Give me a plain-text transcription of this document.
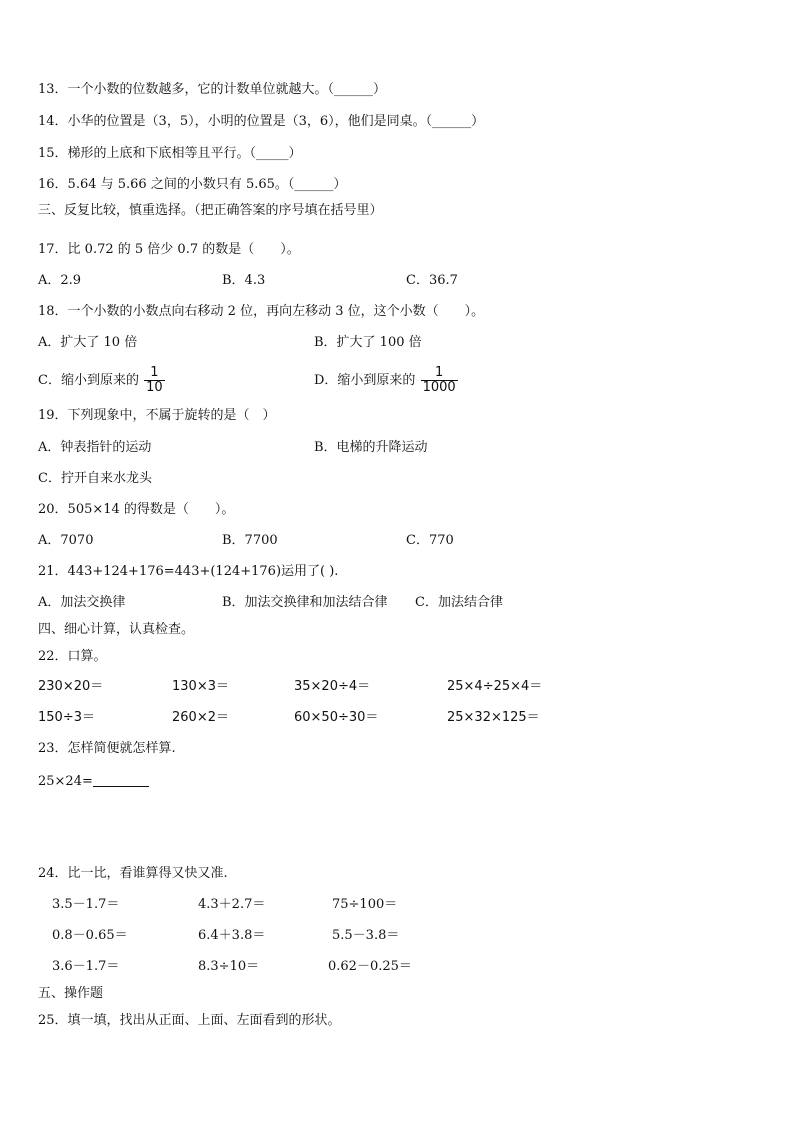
13．一个小数的位数越多，它的计数单位就越大。（______）
14．小华的位置是（3，5），小明的位置是（3，6），他们是同桌。（______）
15．梯形的上底和下底相等且平行。（_____）
16．5.64 与 5.66 之间的小数只有 5.65。（______）
三、反复比较，慎重选择。（把正确答案的序号填在括号里）
17．比 0.72 的 5 倍少 0.7 的数是（　　）。
A．2.9	B．4.3	C．36.7
18．一个小数的小数点向右移动 2 位，再向左移动 3 位，这个小数（　　）。
A．扩大了 10 倍	B．扩大了 100 倍
C．缩小到原来的 $\frac{1}{10}$	D．缩小到原来的 $\frac{1}{1000}$
19．下列现象中，不属于旋转的是（　）
A．钟表指针的运动	B．电梯的升降运动
C．拧开自来水龙头
20．505×14 的得数是（　　）。
A．7070	B．7700	C．770
21．443+124+176=443+(124+176)运用了( ).
A．加法交换律	B．加法交换律和加法结合律 C．加法结合律
四、细心计算，认真检查。
22．口算。
230×20＝	130×3＝	35×20÷4＝	25×4÷25×4＝
150÷3＝	260×2＝	60×50÷30＝	25×32×125＝
23．怎样简便就怎样算.
25×24=
24．比一比，看谁算得又快又准.
3.5－1.7＝	4.3＋2.7＝	75÷100＝
0.8－0.65＝	6.4＋3.8＝	5.5－3.8＝
3.6－1.7＝	8.3÷10＝	0.62－0.25＝
五、操作题
25．填一填，找出从正面、上面、左面看到的形状。
